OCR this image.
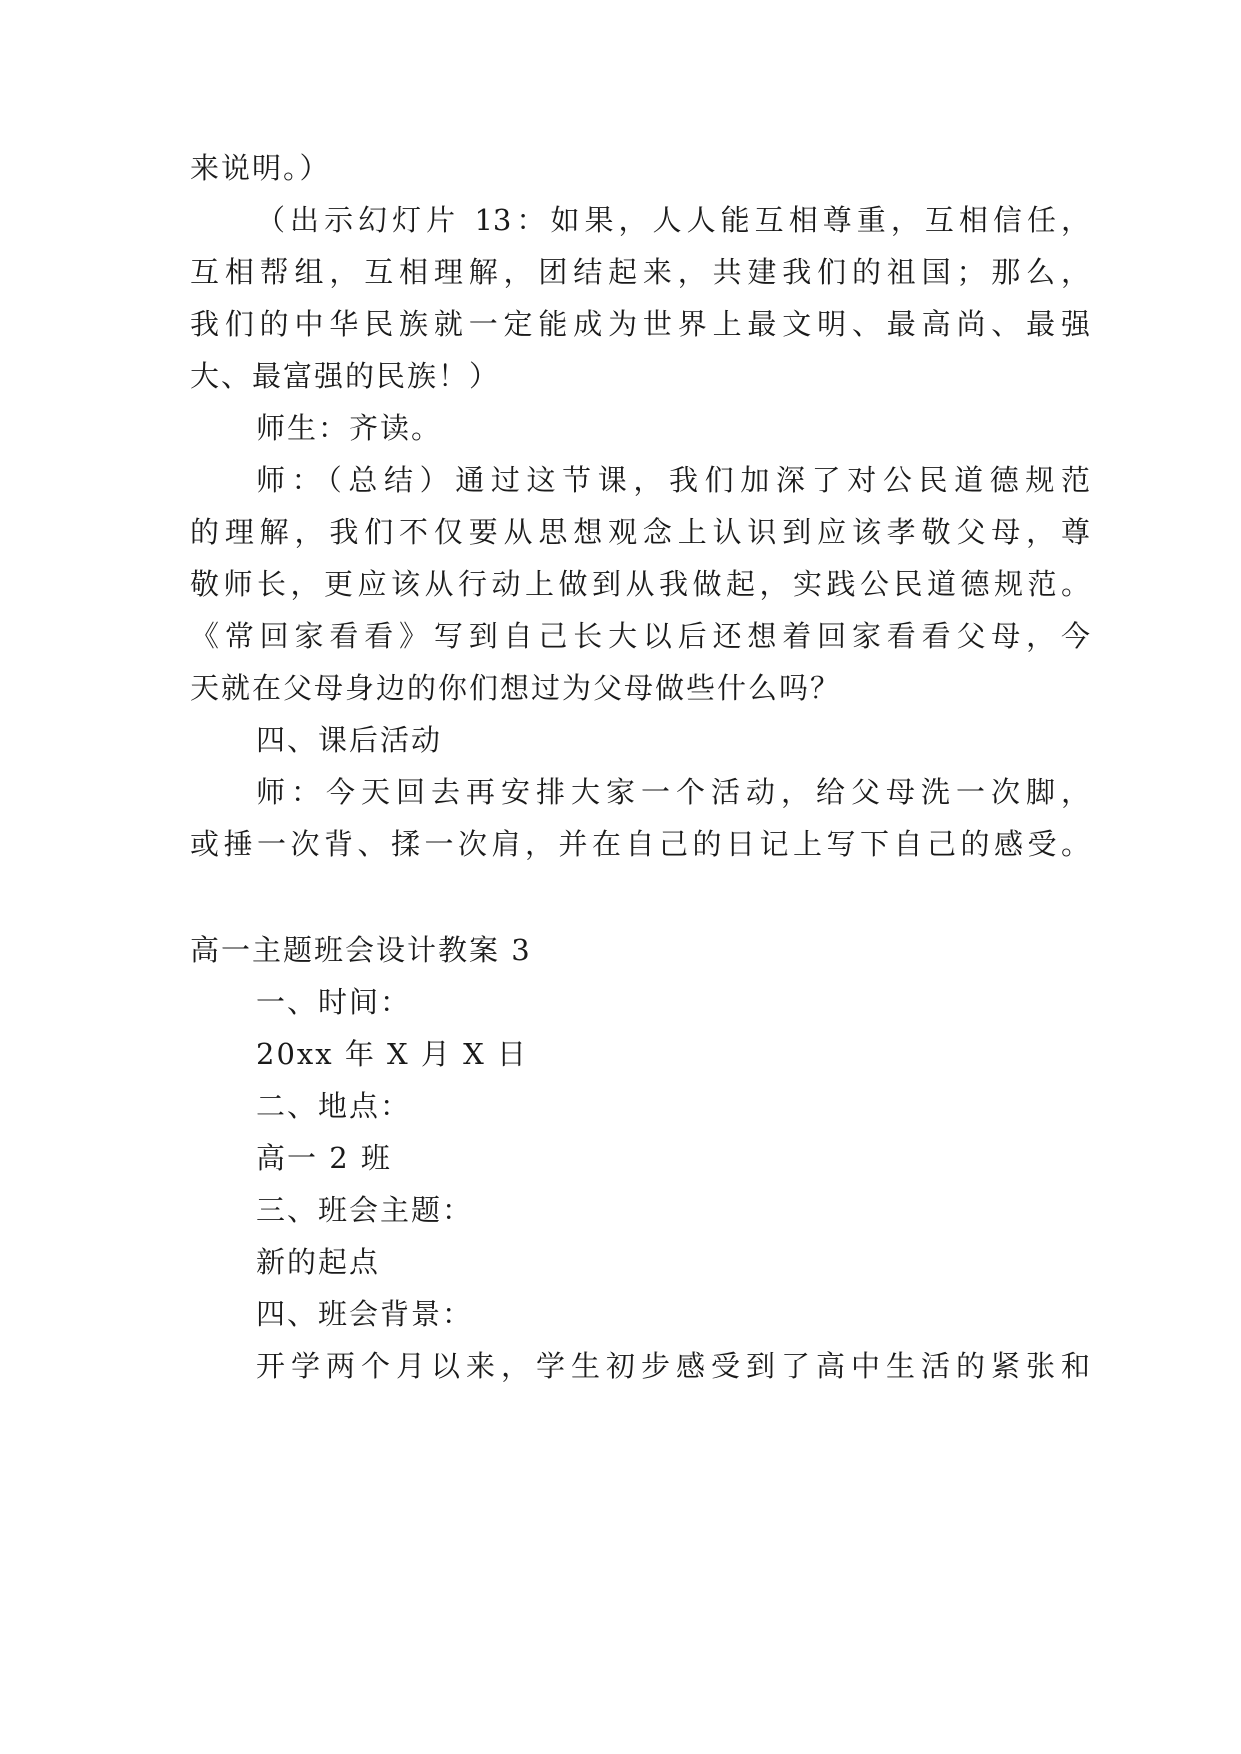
来说明。）
（出示幻灯片 13：如果，人人能互相尊重，互相信任，
互相帮组，互相理解，团结起来，共建我们的祖国；那么，
我们的中华民族就一定能成为世界上最文明、最高尚、最强
大、最富强的民族！）
师生：齐读。
师：（总结）通过这节课，我们加深了对公民道德规范
的理解，我们不仅要从思想观念上认识到应该孝敬父母，尊
敬师长，更应该从行动上做到从我做起，实践公民道德规范。
《常回家看看》写到自己长大以后还想着回家看看父母，今
天就在父母身边的你们想过为父母做些什么吗？
四、课后活动
师：今天回去再安排大家一个活动，给父母洗一次脚，
或捶一次背、揉一次肩，并在自己的日记上写下自己的感受。
高一主题班会设计教案 3
一、时间：
20xx 年 X 月 X 日
二、地点：
高一 2 班
三、班会主题：
新的起点
四、班会背景：
开学两个月以来，学生初步感受到了高中生活的紧张和
